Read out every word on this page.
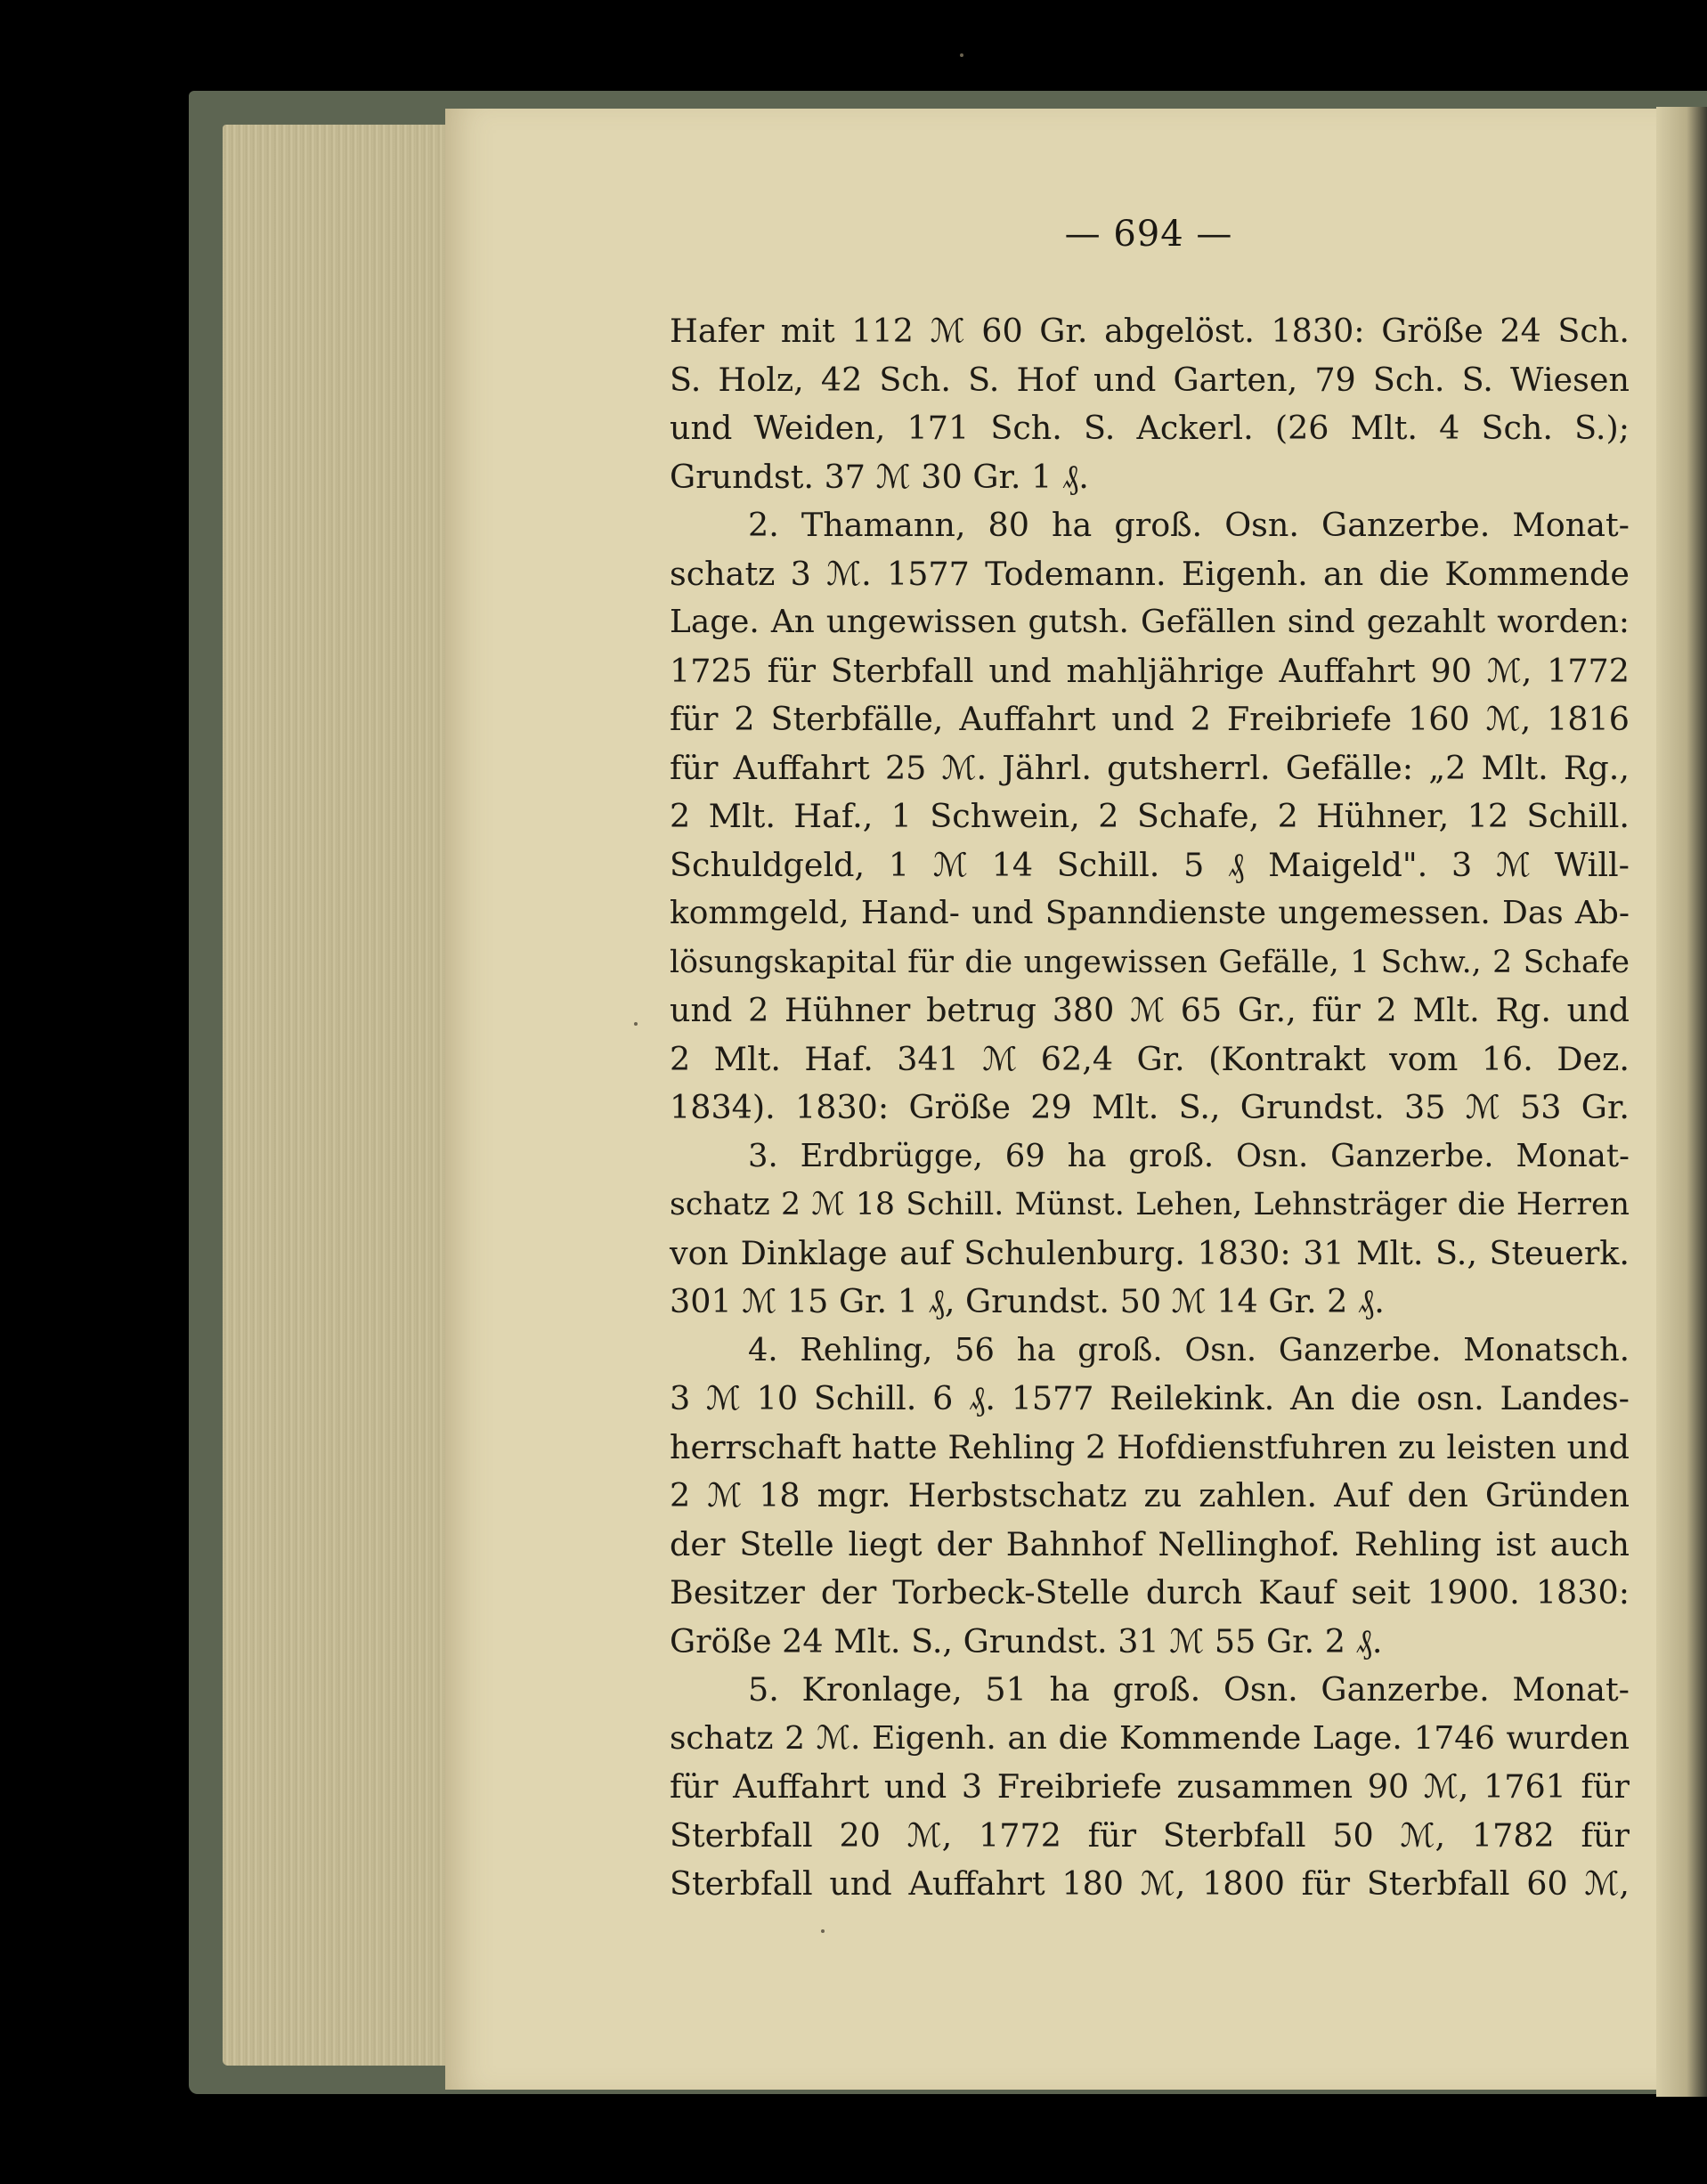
— 694 —
Hafer mit 112 ℳ 60 Gr. abgelöst. 1830: Größe 24 Sch.
S. Holz, 42 Sch. S. Hof und Garten, 79 Sch. S. Wiesen
und Weiden, 171 Sch. S. Ackerl. (26 Mlt. 4 Sch. S.);
Grundst. 37 ℳ 30 Gr. 1 ₰.
2. Thamann, 80 ha groß. Osn. Ganzerbe. Monat-
schatz 3 ℳ. 1577 Todemann. Eigenh. an die Kommende
Lage. An ungewissen gutsh. Gefällen sind gezahlt worden:
1725 für Sterbfall und mahljährige Auffahrt 90 ℳ, 1772
für 2 Sterbfälle, Auffahrt und 2 Freibriefe 160 ℳ, 1816
für Auffahrt 25 ℳ. Jährl. gutsherrl. Gefälle: „2 Mlt. Rg.,
2 Mlt. Haf., 1 Schwein, 2 Schafe, 2 Hühner, 12 Schill.
Schuldgeld, 1 ℳ 14 Schill. 5 ₰ Maigeld". 3 ℳ Will-
kommgeld, Hand- und Spanndienste ungemessen. Das Ab-
lösungskapital für die ungewissen Gefälle, 1 Schw., 2 Schafe
und 2 Hühner betrug 380 ℳ 65 Gr., für 2 Mlt. Rg. und
2 Mlt. Haf. 341 ℳ 62,4 Gr. (Kontrakt vom 16. Dez.
1834). 1830: Größe 29 Mlt. S., Grundst. 35 ℳ 53 Gr.
3. Erdbrügge, 69 ha groß. Osn. Ganzerbe. Monat-
schatz 2 ℳ 18 Schill. Münst. Lehen, Lehnsträger die Herren
von Dinklage auf Schulenburg. 1830: 31 Mlt. S., Steuerk.
301 ℳ 15 Gr. 1 ₰, Grundst. 50 ℳ 14 Gr. 2 ₰.
4. Rehling, 56 ha groß. Osn. Ganzerbe. Monatsch.
3 ℳ 10 Schill. 6 ₰. 1577 Reilekink. An die osn. Landes-
herrschaft hatte Rehling 2 Hofdienstfuhren zu leisten und
2 ℳ 18 mgr. Herbstschatz zu zahlen. Auf den Gründen
der Stelle liegt der Bahnhof Nellinghof. Rehling ist auch
Besitzer der Torbeck-Stelle durch Kauf seit 1900. 1830:
Größe 24 Mlt. S., Grundst. 31 ℳ 55 Gr. 2 ₰.
5. Kronlage, 51 ha groß. Osn. Ganzerbe. Monat-
schatz 2 ℳ. Eigenh. an die Kommende Lage. 1746 wurden
für Auffahrt und 3 Freibriefe zusammen 90 ℳ, 1761 für
Sterbfall 20 ℳ, 1772 für Sterbfall 50 ℳ, 1782 für
Sterbfall und Auffahrt 180 ℳ, 1800 für Sterbfall 60 ℳ,
